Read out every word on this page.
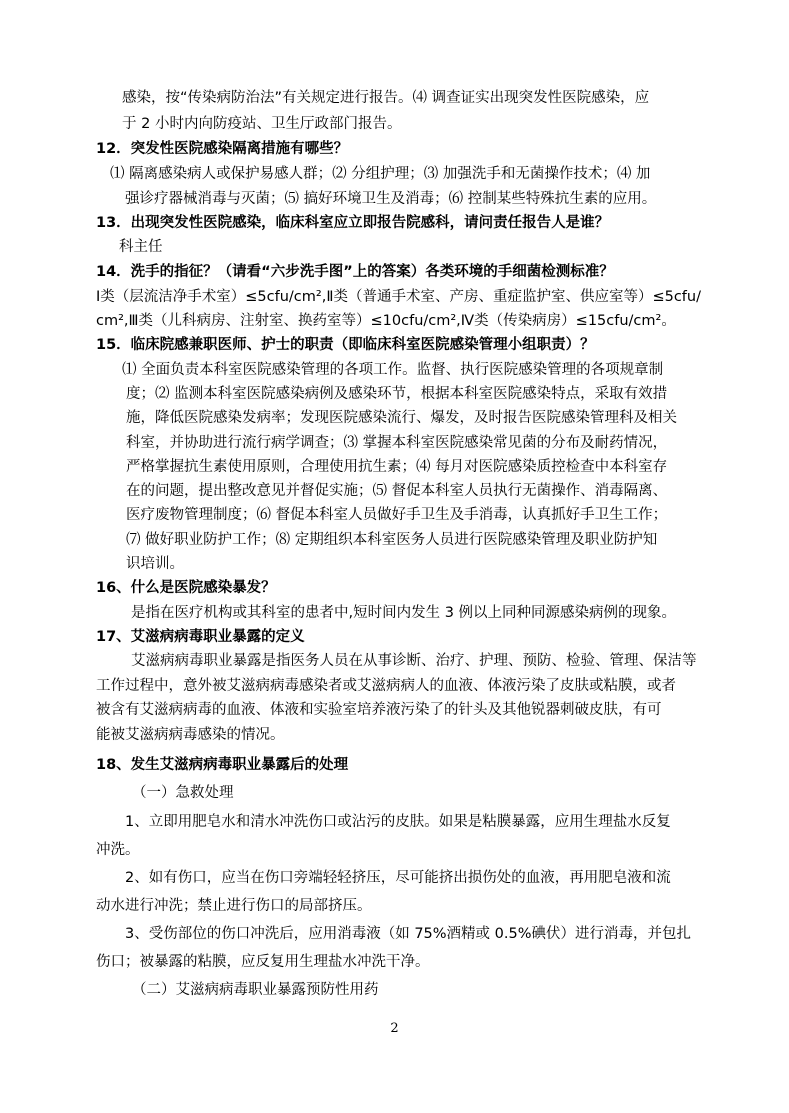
感染，按“传染病防治法”有关规定进行报告。⑷ 调查证实出现突发性医院感染，应
于 2 小时内向防疫站、卫生厅政部门报告。
12．突发性医院感染隔离措施有哪些？
⑴ 隔离感染病人或保护易感人群；⑵ 分组护理；⑶ 加强洗手和无菌操作技术；⑷ 加
强诊疗器械消毒与灭菌；⑸ 搞好环境卫生及消毒；⑹ 控制某些特殊抗生素的应用。
13．出现突发性医院感染，临床科室应立即报告院感科，请问责任报告人是谁？
科主任
14．洗手的指征？（请看“六步洗手图”上的答案）各类环境的手细菌检测标准？
Ⅰ类（层流洁净手术室）≤5cfu/cm²,Ⅱ类（普通手术室、产房、重症监护室、供应室等）≤5cfu/
cm²,Ⅲ类（儿科病房、注射室、换药室等）≤10cfu/cm²,Ⅳ类（传染病房）≤15cfu/cm²。
15．临床院感兼职医师、护士的职责（即临床科室医院感染管理小组职责）？
⑴ 全面负责本科室医院感染管理的各项工作。监督、执行医院感染管理的各项规章制
度；⑵ 监测本科室医院感染病例及感染环节，根据本科室医院感染特点，采取有效措
施，降低医院感染发病率；发现医院感染流行、爆发，及时报告医院感染管理科及相关
科室，并协助进行流行病学调查；⑶ 掌握本科室医院感染常见菌的分布及耐药情况，
严格掌握抗生素使用原则，合理使用抗生素；⑷ 每月对医院感染质控检查中本科室存
在的问题，提出整改意见并督促实施；⑸ 督促本科室人员执行无菌操作、消毒隔离、
医疗废物管理制度；⑹ 督促本科室人员做好手卫生及手消毒，认真抓好手卫生工作；
⑺ 做好职业防护工作；⑻ 定期组织本科室医务人员进行医院感染管理及职业防护知
识培训。
16、什么是医院感染暴发？
是指在医疗机构或其科室的患者中,短时间内发生 3 例以上同种同源感染病例的现象。
17、艾滋病病毒职业暴露的定义
艾滋病病毒职业暴露是指医务人员在从事诊断、治疗、护理、预防、检验、管理、保洁等
工作过程中，意外被艾滋病病毒感染者或艾滋病病人的血液、体液污染了皮肤或粘膜，或者
被含有艾滋病病毒的血液、体液和实验室培养液污染了的针头及其他锐器刺破皮肤，有可
能被艾滋病病毒感染的情况。
18、发生艾滋病病毒职业暴露后的处理
（一）急救处理
1、立即用肥皂水和清水冲洗伤口或沾污的皮肤。如果是粘膜暴露，应用生理盐水反复
冲洗。
2、如有伤口，应当在伤口旁端轻轻挤压，尽可能挤出损伤处的血液，再用肥皂液和流
动水进行冲洗；禁止进行伤口的局部挤压。
3、受伤部位的伤口冲洗后，应用消毒液（如 75%酒精或 0.5%碘伏）进行消毒，并包扎
伤口；被暴露的粘膜，应反复用生理盐水冲洗干净。
（二）艾滋病病毒职业暴露预防性用药
2
